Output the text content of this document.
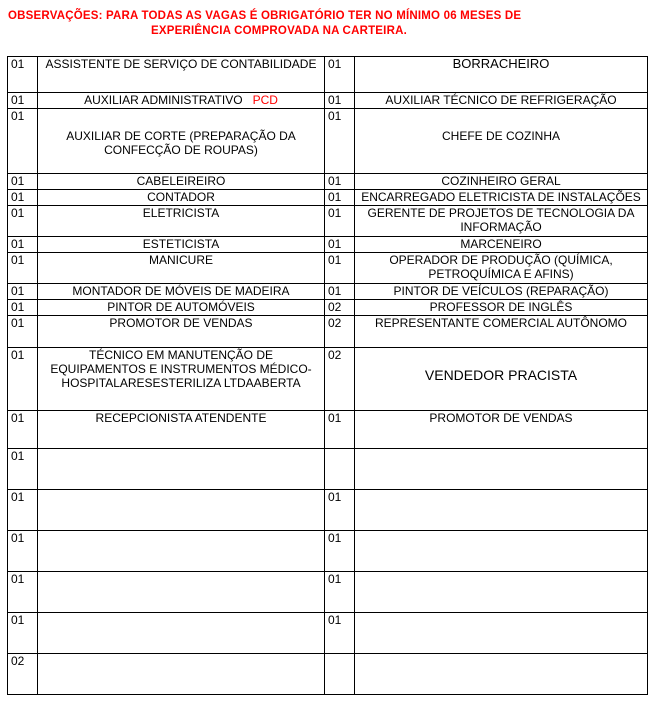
OBSERVAÇÕES: PARA TODAS AS VAGAS É OBRIGATÓRIO TER NO MÍNIMO 06 MESES DE
EXPERIÊNCIA COMPROVADA NA CARTEIRA.
01	ASSISTENTE DE SERVIÇO DE CONTABILIDADE	01	BORRACHEIRO
01	AUXILIAR ADMINISTRATIVO PCD	01	AUXILIAR TÉCNICO DE REFRIGERAÇÃO
01	AUXILIAR DE CORTE (PREPARAÇÃO DA CONFECÇÃO DE ROUPAS)	01	CHEFE DE COZINHA
01	CABELEIREIRO	01	COZINHEIRO GERAL
01	CONTADOR	01	ENCARREGADO ELETRICISTA DE INSTALAÇÕES
01	ELETRICISTA	01	GERENTE DE PROJETOS DE TECNOLOGIA DA INFORMAÇÃO
01	ESTETICISTA	01	MARCENEIRO
01	MANICURE	01	OPERADOR DE PRODUÇÃO (QUÍMICA, PETROQUÍMICA E AFINS)
01	MONTADOR DE MÓVEIS DE MADEIRA	01	PINTOR DE VEÍCULOS (REPARAÇÃO)
01	PINTOR DE AUTOMÓVEIS	02	PROFESSOR DE INGLÊS
01	PROMOTOR DE VENDAS	02	REPRESENTANTE COMERCIAL AUTÔNOMO
01	TÉCNICO EM MANUTENÇÃO DE EQUIPAMENTOS E INSTRUMENTOS MÉDICO-HOSPITALARESESTERILIZA LTDAABERTA	02	VENDEDOR PRACISTA
01	RECEPCIONISTA ATENDENTE	01	PROMOTOR DE VENDAS
01			
01		01	
01		01	
01		01	
01		01	
02			
